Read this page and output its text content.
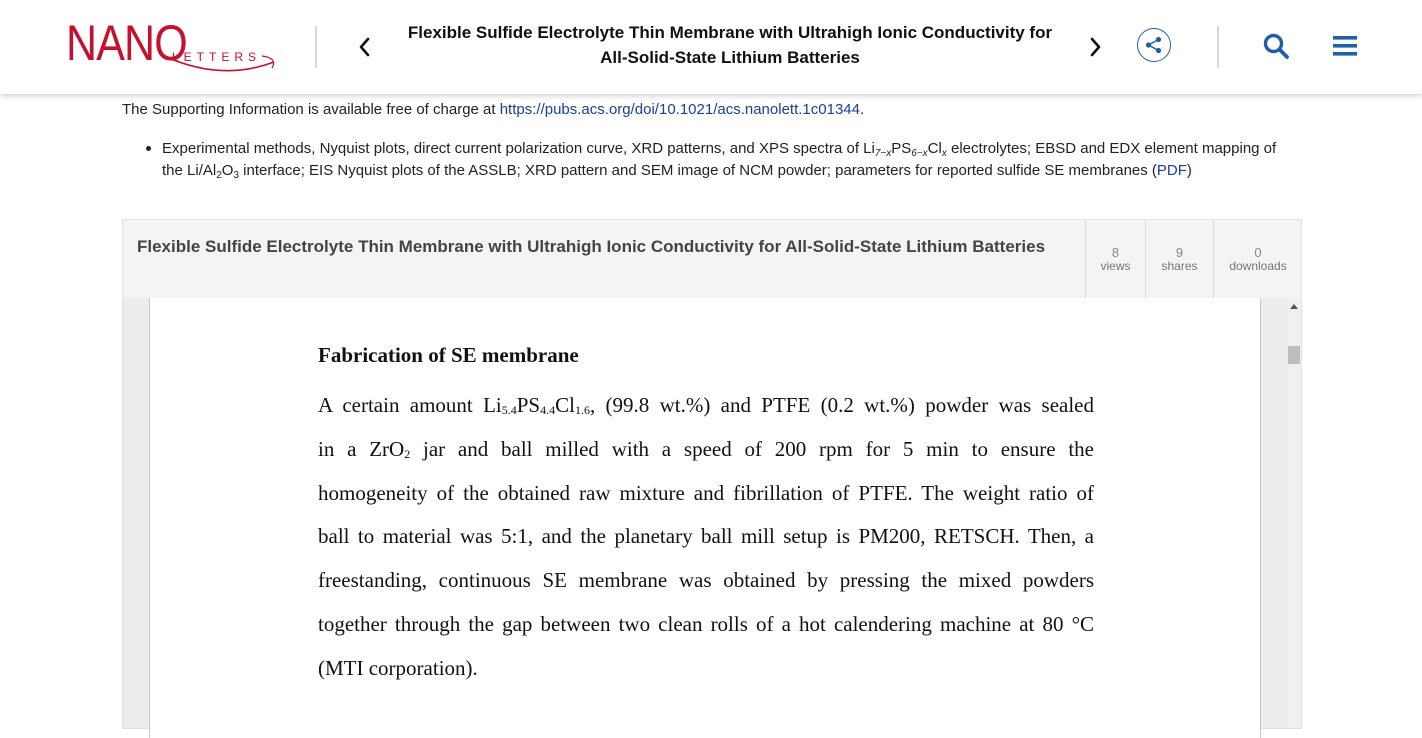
NANO
LETTERS
Flexible Sulfide Electrolyte Thin Membrane with Ultrahigh Ionic Conductivity for
All-Solid-State Lithium Batteries
The Supporting Information is available free of charge at https://pubs.acs.org/doi/10.1021/acs.nanolett.1c01344.
Experimental methods, Nyquist plots, direct current polarization curve, XRD patterns, and XPS spectra of $Li_{7-x}PS_{6-x}Cl_x$ electrolytes; EBSD and EDX element mapping of the $Li/Al_2O_3$ interface; EIS Nyquist plots of the ASSLB; XRD pattern and SEM image of NCM powder; parameters for reported sulfide SE membranes (PDF)
Flexible Sulfide Electrolyte Thin Membrane with Ultrahigh Ionic Conductivity for All-Solid-State Lithium Batteries	8
views
9
shares
0
downloads
Fabrication of SE membrane
A certain amount $Li_{5.4}PS_{4.4}Cl_{1.6}$, (99.8 wt.%) and PTFE (0.2 wt.%) powder was sealed
in a ZrO$_2$ jar and ball milled with a speed of 200 rpm for 5 min to ensure the
homogeneity of the obtained raw mixture and fibrillation of PTFE. The weight ratio of
ball to material was 5:1, and the planetary ball mill setup is PM200, RETSCH. Then, a
freestanding, continuous SE membrane was obtained by pressing the mixed powders
together through the gap between two clean rolls of a hot calendering machine at 80 °C
(MTI corporation).
